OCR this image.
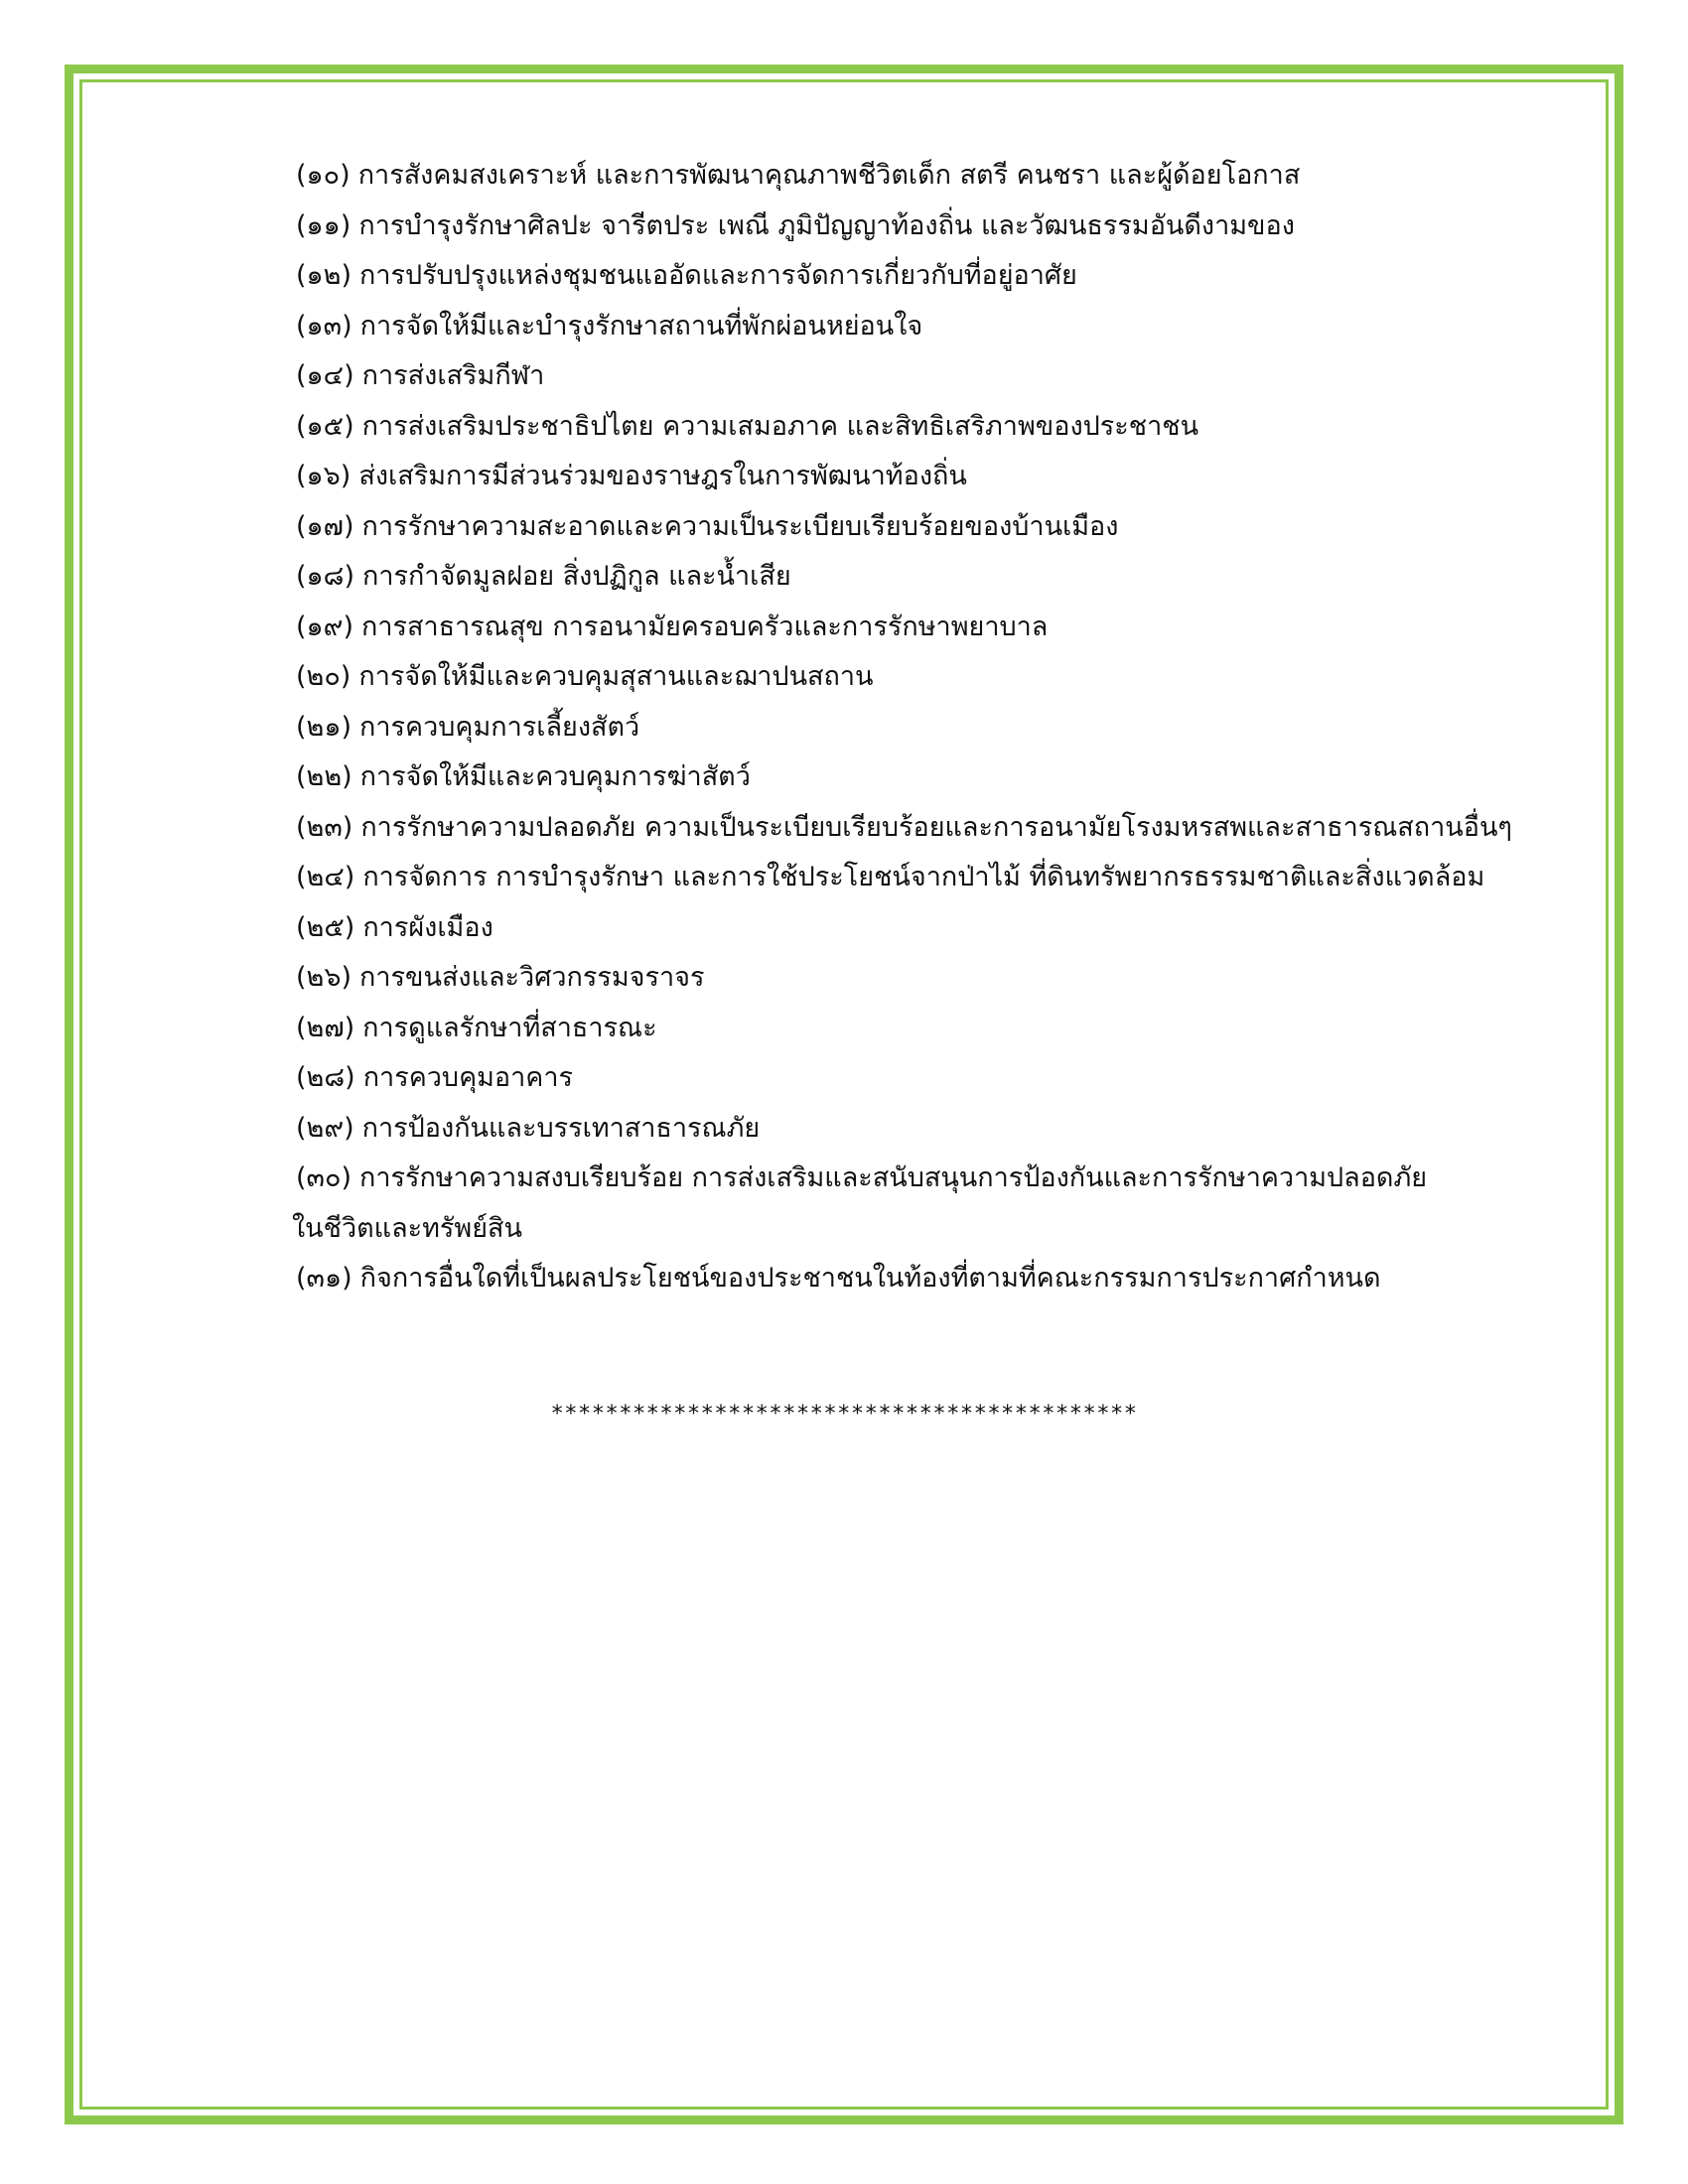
(๑๐) การสังคมสงเคราะห์ และการพัฒนาคุณภาพชีวิตเด็ก สตรี คนชรา และผู้ด้อยโอกาส
(๑๑) การบำรุงรักษาศิลปะ จารีตประ เพณี ภูมิปัญญาท้องถิ่น และวัฒนธรรมอันดีงามของ
(๑๒) การปรับปรุงแหล่งชุมชนแออัดและการจัดการเกี่ยวกับที่อยู่อาศัย
(๑๓) การจัดให้มีและบำรุงรักษาสถานที่พักผ่อนหย่อนใจ
(๑๔) การส่งเสริมกีฬา
(๑๕) การส่งเสริมประชาธิปไตย ความเสมอภาค และสิทธิเสริภาพของประชาชน
(๑๖) ส่งเสริมการมีส่วนร่วมของราษฎรในการพัฒนาท้องถิ่น
(๑๗) การรักษาความสะอาดและความเป็นระเบียบเรียบร้อยของบ้านเมือง
(๑๘) การกำจัดมูลฝอย สิ่งปฏิกูล และน้ำเสีย
(๑๙) การสาธารณสุข การอนามัยครอบครัวและการรักษาพยาบาล
(๒๐) การจัดให้มีและควบคุมสุสานและฌาปนสถาน
(๒๑) การควบคุมการเลี้ยงสัตว์
(๒๒) การจัดให้มีและควบคุมการฆ่าสัตว์
(๒๓) การรักษาความปลอดภัย ความเป็นระเบียบเรียบร้อยและการอนามัยโรงมหรสพและสาธารณสถานอื่นๆ
(๒๔) การจัดการ การบำรุงรักษา และการใช้ประโยชน์จากป่าไม้ ที่ดินทรัพยากรธรรมชาติและสิ่งแวดล้อม
(๒๕) การผังเมือง
(๒๖) การขนส่งและวิศวกรรมจราจร
(๒๗) การดูแลรักษาที่สาธารณะ
(๒๘) การควบคุมอาคาร
(๒๙) การป้องกันและบรรเทาสาธารณภัย
(๓๐) การรักษาความสงบเรียบร้อย การส่งเสริมและสนับสนุนการป้องกันและการรักษาความปลอดภัย
ในชีวิตและทรัพย์สิน
(๓๑) กิจการอื่นใดที่เป็นผลประโยชน์ของประชาชนในท้องที่ตามที่คณะกรรมการประกาศกำหนด
*******************************************
